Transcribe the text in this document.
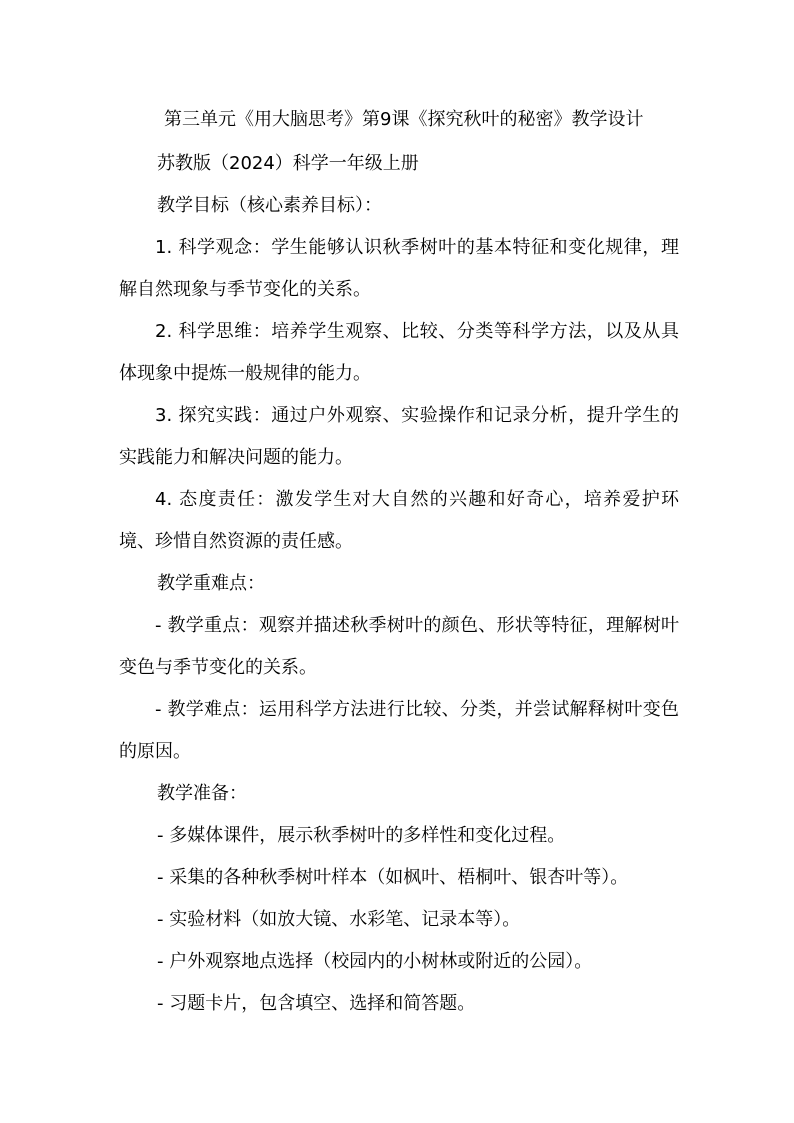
第三单元《用大脑思考》第9课《探究秋叶的秘密》教学设计
苏教版（2024）科学一年级上册
教学目标（核心素养目标）：

1. 科学观念：学生能够认识秋季树叶的基本特征和变化规律，理解自然现象与季节变化的关系。

2. 科学思维：培养学生观察、比较、分类等科学方法，以及从具体现象中提炼一般规律的能力。

3. 探究实践：通过户外观察、实验操作和记录分析，提升学生的实践能力和解决问题的能力。

4. 态度责任：激发学生对大自然的兴趣和好奇心，培养爱护环境、珍惜自然资源的责任感。

教学重难点：

- 教学重点：观察并描述秋季树叶的颜色、形状等特征，理解树叶变色与季节变化的关系。

- 教学难点：运用科学方法进行比较、分类，并尝试解释树叶变色的原因。

教学准备：
- 多媒体课件，展示秋季树叶的多样性和变化过程。
- 采集的各种秋季树叶样本（如枫叶、梧桐叶、银杏叶等）。
- 实验材料（如放大镜、水彩笔、记录本等）。
- 户外观察地点选择（校园内的小树林或附近的公园）。
- 习题卡片，包含填空、选择和简答题。
